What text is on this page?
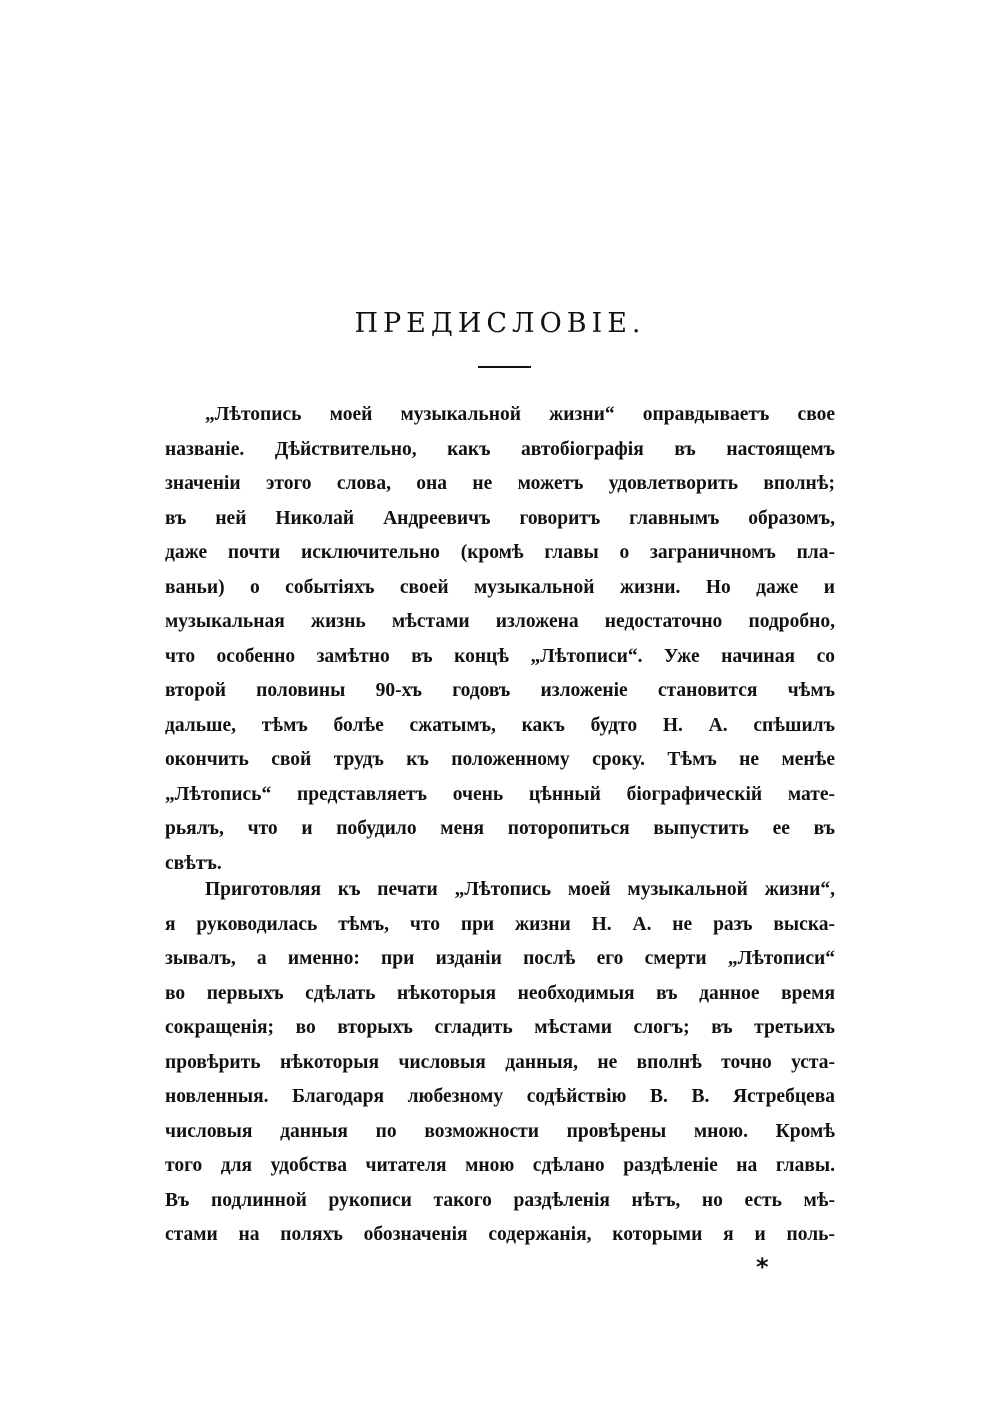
ПРЕДИСЛОВІЕ.
„Лѣтопись моей музыкальной жизни“ оправдываетъ свое
названіе. Дѣйствительно, какъ автобіографія въ настоящемъ
значеніи этого слова, она не можетъ удовлетворить вполнѣ;
въ ней Николай Андреевичъ говоритъ главнымъ образомъ,
даже почти исключительно (кромѣ главы о заграничномъ пла-
ваньи) о событіяхъ своей музыкальной жизни. Но даже и
музыкальная жизнь мѣстами изложена недостаточно подробно,
что особенно замѣтно въ концѣ „Лѣтописи“. Уже начиная со
второй половины 90-хъ годовъ изложеніе становится чѣмъ
дальше, тѣмъ болѣе сжатымъ, какъ будто Н. А. спѣшилъ
окончить свой трудъ къ положенному сроку. Тѣмъ не менѣе
„Лѣтопись“ представляетъ очень цѣнный біографическій мате-
рьялъ, что и побудило меня поторопиться выпустить ее въ
свѣтъ.
Приготовляя къ печати „Лѣтопись моей музыкальной жизни“,
я руководилась тѣмъ, что при жизни Н. А. не разъ выска-
зывалъ, а именно: при изданіи послѣ его смерти „Лѣтописи“
во первыхъ сдѣлать нѣкоторыя необходимыя въ данное время
сокращенія; во вторыхъ сгладить мѣстами слогъ; въ третьихъ
провѣрить нѣкоторыя числовыя данныя, не вполнѣ точно уста-
новленныя. Благодаря любезному содѣйствію В. В. Ястребцева
числовыя данныя по возможности провѣрены мною. Кромѣ
того для удобства читателя мною сдѣлано раздѣленіе на главы.
Въ подлинной рукописи такого раздѣленія нѣтъ, но есть мѣ-
стами на поляхъ обозначенія содержанія, которыми я и поль-
*
